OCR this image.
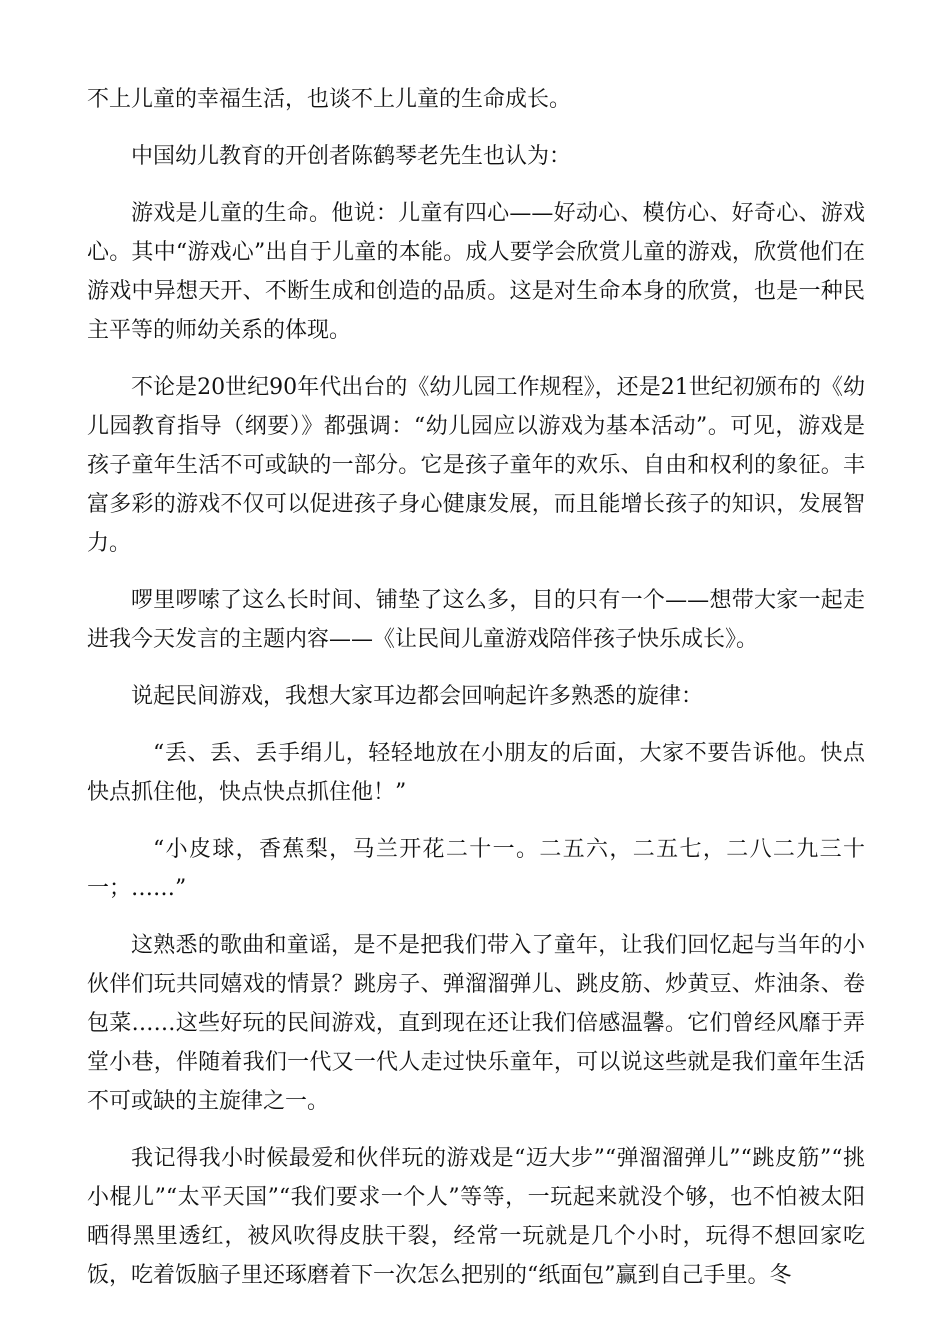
不上儿童的幸福生活，也谈不上儿童的生命成长。

中国幼儿教育的开创者陈鹤琴老先生也认为：

游戏是儿童的生命。他说：儿童有四心——好动心、模仿心、好奇心、游戏心。其中“游戏心”出自于儿童的本能。成人要学会欣赏儿童的游戏，欣赏他们在游戏中异想天开、不断生成和创造的品质。这是对生命本身的欣赏，也是一种民主平等的师幼关系的体现。

不论是20世纪90年代出台的《幼儿园工作规程》，还是21世纪初颁布的《幼儿园教育指导（纲要）》都强调：“幼儿园应以游戏为基本活动”。可见，游戏是孩子童年生活不可或缺的一部分。它是孩子童年的欢乐、自由和权利的象征。丰富多彩的游戏不仅可以促进孩子身心健康发展，而且能增长孩子的知识，发展智力。

啰里啰嗦了这么长时间、铺垫了这么多，目的只有一个——想带大家一起走进我今天发言的主题内容——《让民间儿童游戏陪伴孩子快乐成长》。

说起民间游戏，我想大家耳边都会回响起许多熟悉的旋律：

“丢、丢、丢手绢儿，轻轻地放在小朋友的后面，大家不要告诉他。快点快点抓住他，快点快点抓住他！”

“小皮球，香蕉梨，马兰开花二十一。二五六，二五七，二八二九三十一；……”

这熟悉的歌曲和童谣，是不是把我们带入了童年，让我们回忆起与当年的小伙伴们玩共同嬉戏的情景？跳房子、弹溜溜弹儿、跳皮筋、炒黄豆、炸油条、卷包菜……这些好玩的民间游戏，直到现在还让我们倍感温馨。它们曾经风靡于弄堂小巷，伴随着我们一代又一代人走过快乐童年，可以说这些就是我们童年生活不可或缺的主旋律之一。

我记得我小时候最爱和伙伴玩的游戏是“迈大步”“弹溜溜弹儿”“跳皮筋”“挑小棍儿”“太平天国”“我们要求一个人”等等，一玩起来就没个够，也不怕被太阳晒得黑里透红，被风吹得皮肤干裂，经常一玩就是几个小时，玩得不想回家吃饭，吃着饭脑子里还琢磨着下一次怎么把别的“纸面包”赢到自己手里。冬
